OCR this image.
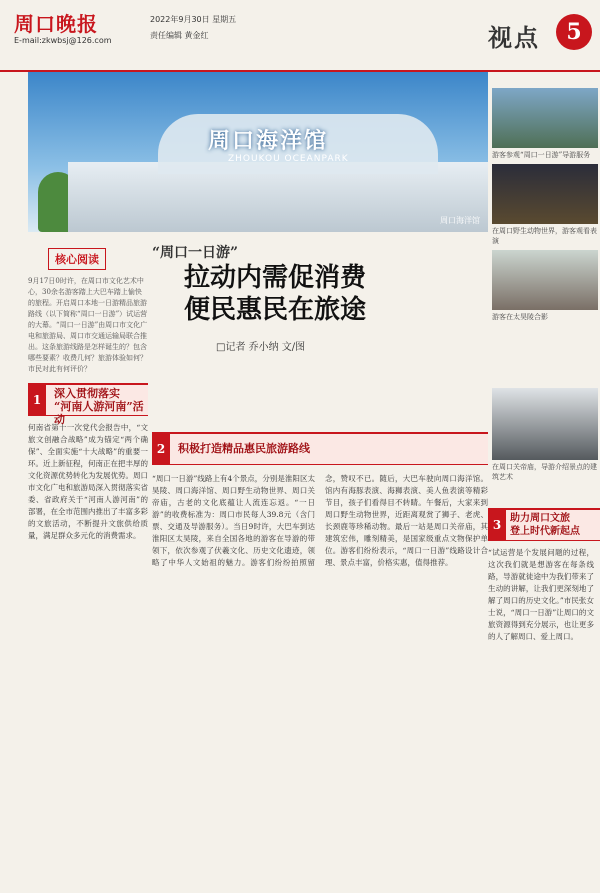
周口晚报
E-mail:zkwbsj@126.com
2022年9月30日 星期五
责任编辑 黄金红	视点	5
周口海洋馆
ZHOUKOU OCEANPARK
周口海洋馆
“周口一日游”
拉动内需促消费
便民惠民在旅途
□记者 乔小纳 文/图
核心阅读
9月17日0时许，在周口市文化艺术中心，30余名游客踏上大巴车踏上愉快的旅程。开启周口本地一日游精品旅游路线（以下简称“周口一日游”）试运营的大幕。“周口一日游”由周口市文化广电和旅游局、周口市交通运输局联合推出。这条旅游线路是怎样诞生的？包含哪些要素？收费几何？旅游体验如何？市民对此有何评价？
1	深入贯彻落实
“河南人游河南”活动
何南省第十一次党代会报告中，“文旅文创融合战略”成为锚定“两个确保”、全面实施“十大战略”的重要一环。近上新征程，何南正在把丰厚的文化资源优势转化为发展优势。周口市文化广电和旅游局深入贯彻落实省委、省政府关于“河南人游河南”的部署，在全市范围内推出了丰富多彩的文旅活动，不断提升文旅供给质量，满足群众多元化的消费需求。
2	积极打造精品惠民旅游路线
“周口一日游”线路上有4个景点，分别是淮阳区太昊陵、周口海洋馆、周口野生动物世界、周口关帝庙，古老的文化底蕴让人流连忘返。“一日游”的收费标准为：周口市民每人39.8元（含门票、交通及导游服务）。当日9时许，大巴车到达淮阳区太昊陵，来自全国各地的游客在导游的带领下，依次参观了伏羲文化、历史文化遗迹，领略了中华人文始祖的魅力。游客们纷纷拍照留念，赞叹不已。随后，大巴车驶向周口海洋馆。馆内有海豚表演、海狮表演、美人鱼表演等精彩节目，孩子们看得目不转睛。午餐后，大家来到周口野生动物世界，近距离观赏了狮子、老虎、长颈鹿等珍稀动物。最后一站是周口关帝庙，其建筑宏伟，雕刻精美，是国家级重点文物保护单位。游客们纷纷表示，“周口一日游”线路设计合理、景点丰富，价格实惠，值得推荐。
游客参观“周口一日游”导游服务
在周口野生动物世界，游客观看表演
游客在太昊陵合影
在周口关帝庙，导游介绍景点的建筑艺术
3 助力周口文旅
登上时代新起点
“试运营是个发展问题的过程，这次我们就是想游客在每条线路，导游就徒途中为我们带来了生动的讲解，让我们更深刻地了解了周口的历史文化。”市民张女士说，“周口一日游”让周口的文旅资源得到充分展示，也让更多的人了解周口、爱上周口。
